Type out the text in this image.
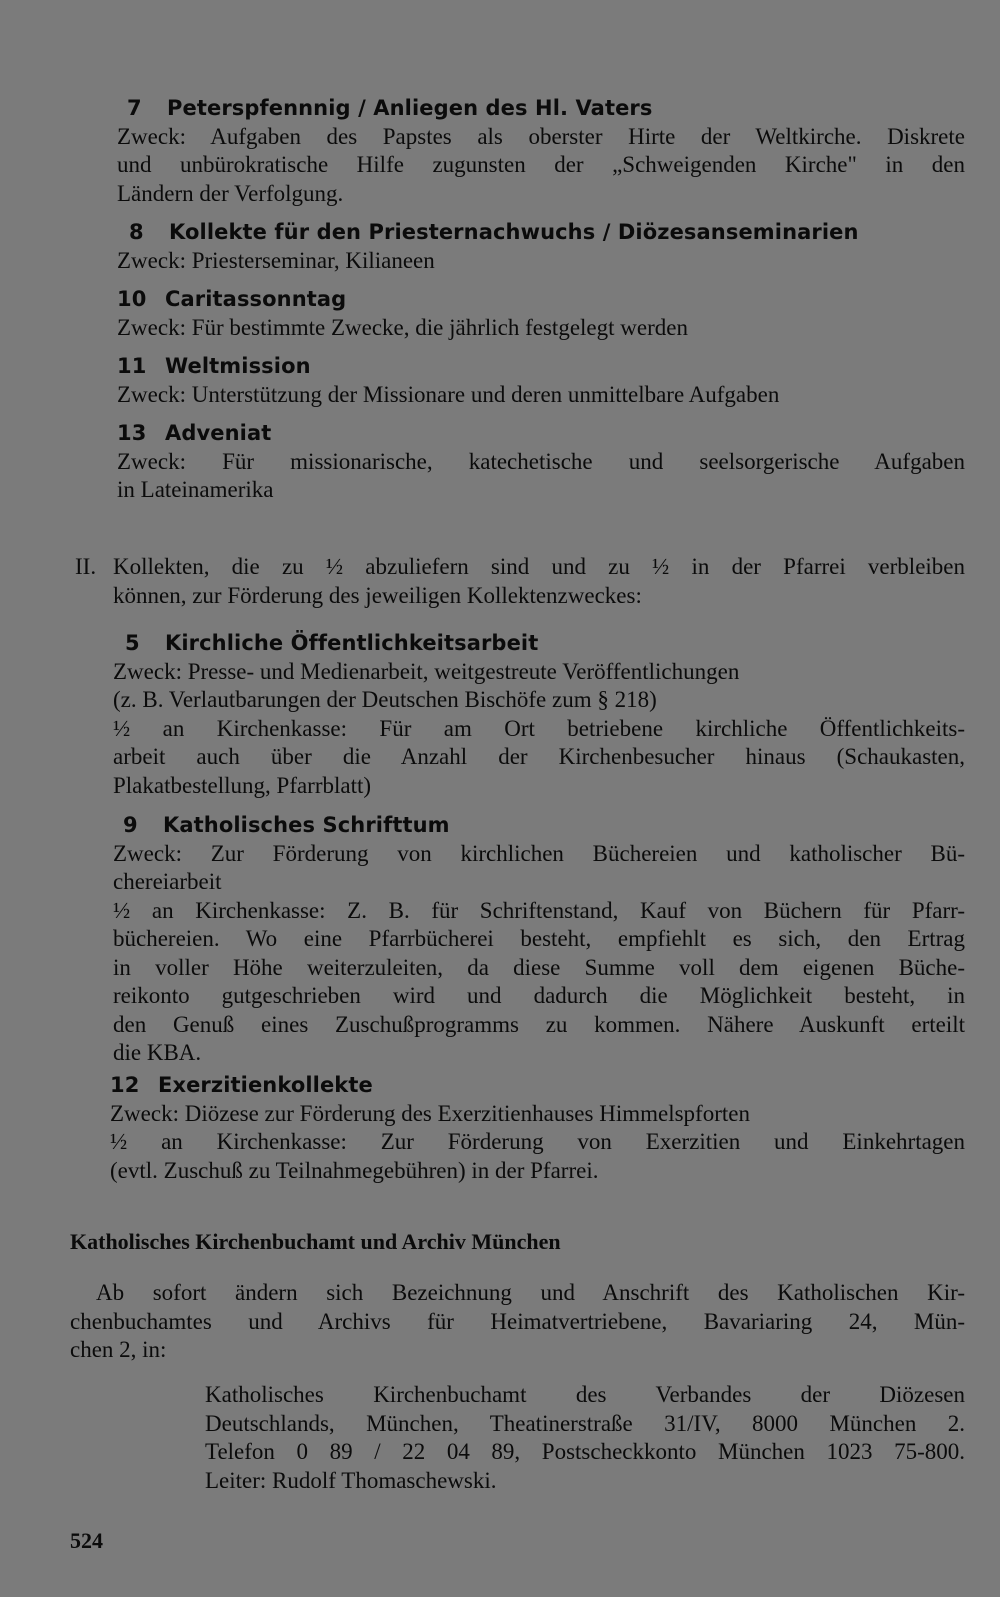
7 Peterspfennnig / Anliegen des Hl. Vaters
Zweck: Aufgaben des Papstes als oberster Hirte der Weltkirche. Diskrete
und unbürokratische Hilfe zugunsten der „Schweigenden Kirche" in den
Ländern der Verfolgung.
8 Kollekte für den Priesternachwuchs / Diözesanseminarien
Zweck: Priesterseminar, Kilianeen
10 Caritassonntag
Zweck: Für bestimmte Zwecke, die jährlich festgelegt werden
11 Weltmission
Zweck: Unterstützung der Missionare und deren unmittelbare Aufgaben
13 Adveniat
Zweck: Für missionarische, katechetische und seelsorgerische Aufgaben
in Lateinamerika
II. Kollekten, die zu ½ abzuliefern sind und zu ½ in der Pfarrei verbleiben
können, zur Förderung des jeweiligen Kollektenzweckes:
5 Kirchliche Öffentlichkeitsarbeit
Zweck: Presse- und Medienarbeit, weitgestreute Veröffentlichungen
(z. B. Verlautbarungen der Deutschen Bischöfe zum § 218)
½ an Kirchenkasse: Für am Ort betriebene kirchliche Öffentlichkeits-
arbeit auch über die Anzahl der Kirchenbesucher hinaus (Schaukasten,
Plakatbestellung, Pfarrblatt)
9 Katholisches Schrifttum
Zweck: Zur Förderung von kirchlichen Büchereien und katholischer Bü-
chereiarbeit
½ an Kirchenkasse: Z. B. für Schriftenstand, Kauf von Büchern für Pfarr-
büchereien. Wo eine Pfarrbücherei besteht, empfiehlt es sich, den Ertrag
in voller Höhe weiterzuleiten, da diese Summe voll dem eigenen Büche-
reikonto gutgeschrieben wird und dadurch die Möglichkeit besteht, in
den Genuß eines Zuschußprogramms zu kommen. Nähere Auskunft erteilt
die KBA.
12 Exerzitienkollekte
Zweck: Diözese zur Förderung des Exerzitienhauses Himmelspforten
½ an Kirchenkasse: Zur Förderung von Exerzitien und Einkehrtagen
(evtl. Zuschuß zu Teilnahmegebühren) in der Pfarrei.
Katholisches Kirchenbuchamt und Archiv München
Ab sofort ändern sich Bezeichnung und Anschrift des Katholischen Kir-
chenbuchamtes und Archivs für Heimatvertriebene, Bavariaring 24, Mün-
chen 2, in:
Katholisches Kirchenbuchamt des Verbandes der Diözesen
Deutschlands, München, Theatinerstraße 31/IV, 8000 München 2.
Telefon 0 89 / 22 04 89, Postscheckkonto München 1023 75-800.
Leiter: Rudolf Thomaschewski.
524
